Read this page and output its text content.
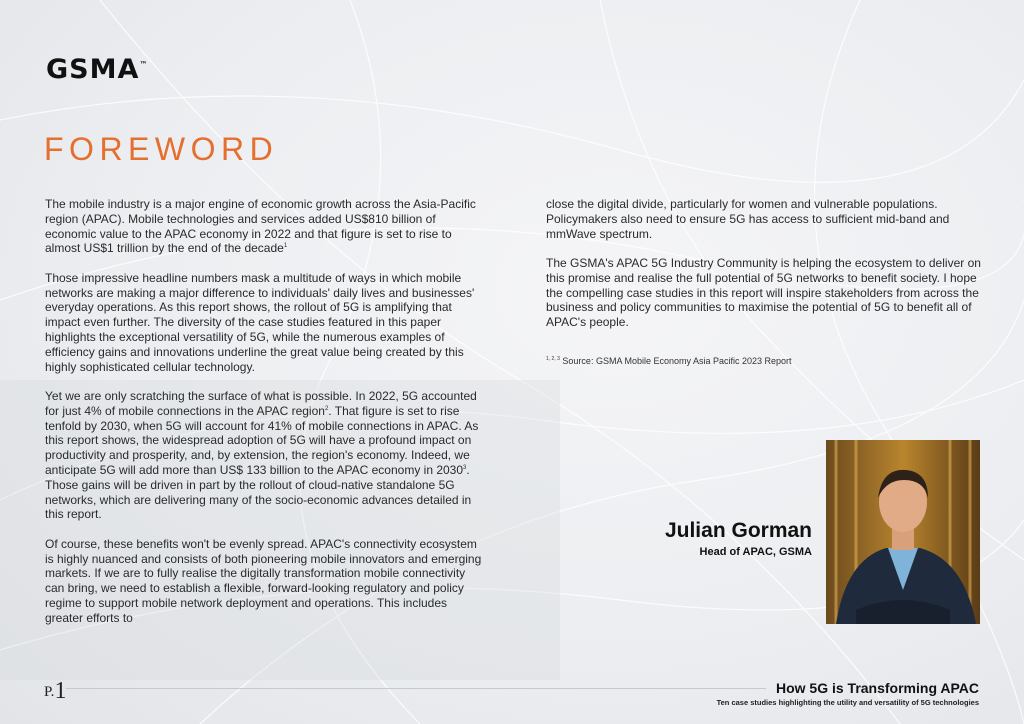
GSMA™
FOREWORD

The mobile industry is a major engine of economic growth across the Asia-Pacific region (APAC). Mobile technologies and services added US$810 billion of economic value to the APAC economy in 2022 and that figure is set to rise to almost US$1 trillion by the end of the decade$^1$

Those impressive headline numbers mask a multitude of ways in which mobile networks are making a major difference to individuals' daily lives and businesses' everyday operations. As this report shows, the rollout of 5G is amplifying that impact even further. The diversity of the case studies featured in this paper highlights the exceptional versatility of 5G, while the numerous examples of efficiency gains and innovations underline the great value being created by this highly sophisticated cellular technology.

Yet we are only scratching the surface of what is possible. In 2022, 5G accounted for just 4% of mobile connections in the APAC region$^2$. That figure is set to rise tenfold by 2030, when 5G will account for 41% of mobile connections in APAC. As this report shows, the widespread adoption of 5G will have a profound impact on productivity and prosperity, and, by extension, the region's economy. Indeed, we anticipate 5G will add more than US$ 133 billion to the APAC economy in 2030$^3$. Those gains will be driven in part by the rollout of cloud-native standalone 5G networks, which are delivering many of the socio-economic advances detailed in this report.

Of course, these benefits won't be evenly spread. APAC's connectivity ecosystem is highly nuanced and consists of both pioneering mobile innovators and emerging markets. If we are to fully realise the digitally transformation mobile connectivity can bring, we need to establish a flexible, forward-looking regulatory and policy regime to support mobile network deployment and operations. This includes greater efforts to

close the digital divide, particularly for women and vulnerable populations. Policymakers also need to ensure 5G has access to sufficient mid-band and mmWave spectrum.

The GSMA's APAC 5G Industry Community is helping the ecosystem to deliver on this promise and realise the full potential of 5G networks to benefit society. I hope the compelling case studies in this report will inspire stakeholders from across the business and policy communities to maximise the potential of 5G to benefit all of APAC's people.

$^{1, 2, 3}$ Source: GSMA Mobile Economy Asia Pacific 2023 Report
Julian Gorman
Head of APAC, GSMA
P.1	How 5G is Transforming APAC
Ten case studies highlighting the utility and versatility of 5G technologies
